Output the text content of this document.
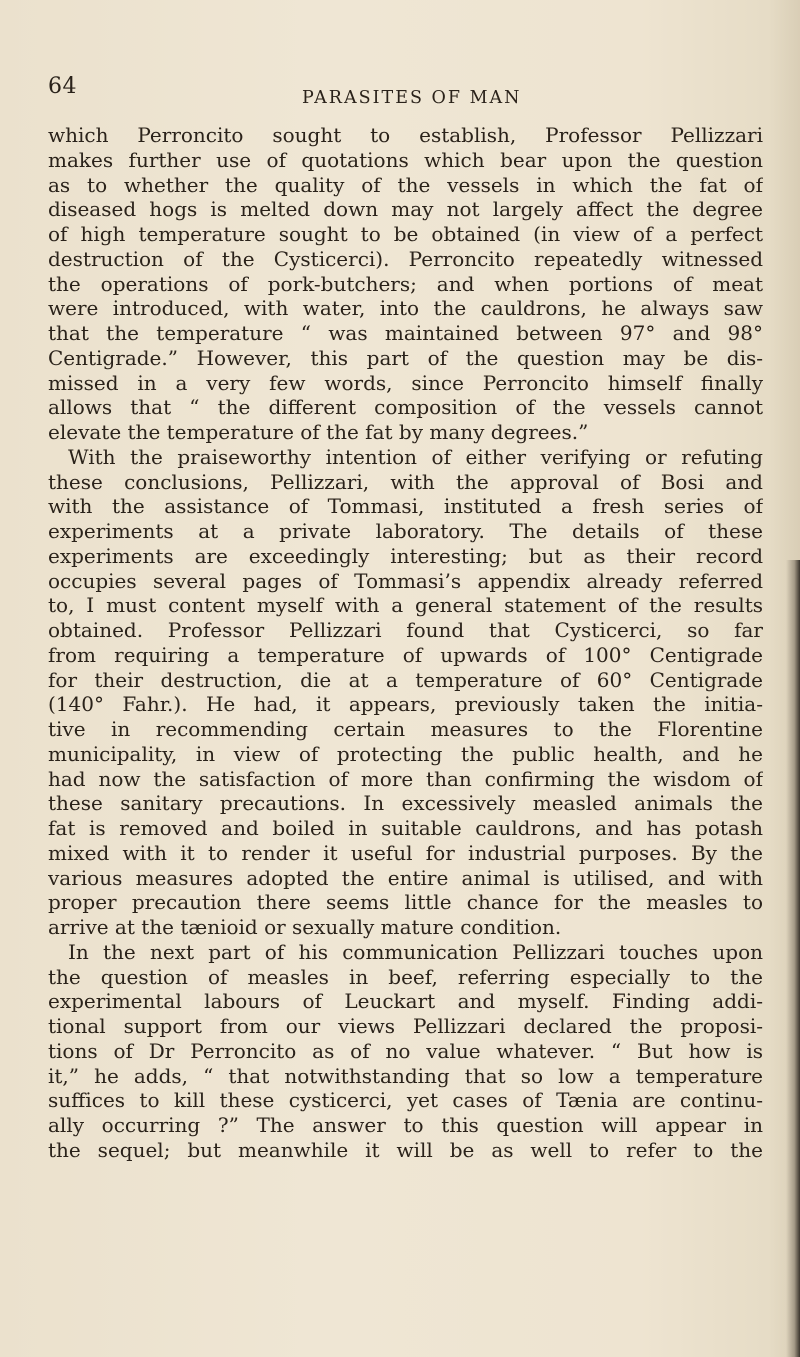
64	PARASITES OF MAN
which Perroncito sought to establish, Professor Pellizzari
makes further use of quotations which bear upon the question
as to whether the quality of the vessels in which the fat of
diseased hogs is melted down may not largely affect the degree
of high temperature sought to be obtained (in view of a perfect
destruction of the Cysticerci). Perroncito repeatedly witnessed
the operations of pork-butchers; and when portions of meat
were introduced, with water, into the cauldrons, he always saw
that the temperature “ was maintained between 97° and 98°
Centigrade.” However, this part of the question may be dis-
missed in a very few words, since Perroncito himself finally
allows that “ the different composition of the vessels cannot
elevate the temperature of the fat by many degrees.”
With the praiseworthy intention of either verifying or refuting
these conclusions, Pellizzari, with the approval of Bosi and
with the assistance of Tommasi, instituted a fresh series of
experiments at a private laboratory. The details of these
experiments are exceedingly interesting; but as their record
occupies several pages of Tommasi’s appendix already referred
to, I must content myself with a general statement of the results
obtained. Professor Pellizzari found that Cysticerci, so far
from requiring a temperature of upwards of 100° Centigrade
for their destruction, die at a temperature of 60° Centigrade
(140° Fahr.). He had, it appears, previously taken the initia-
tive in recommending certain measures to the Florentine
municipality, in view of protecting the public health, and he
had now the satisfaction of more than confirming the wisdom of
these sanitary precautions. In excessively measled animals the
fat is removed and boiled in suitable cauldrons, and has potash
mixed with it to render it useful for industrial purposes. By the
various measures adopted the entire animal is utilised, and with
proper precaution there seems little chance for the measles to
arrive at the tænioid or sexually mature condition.
In the next part of his communication Pellizzari touches upon
the question of measles in beef, referring especially to the
experimental labours of Leuckart and myself. Finding addi-
tional support from our views Pellizzari declared the proposi-
tions of Dr Perroncito as of no value whatever. “ But how is
it,” he adds, “ that notwithstanding that so low a temperature
suffices to kill these cysticerci, yet cases of Tænia are continu-
ally occurring ?” The answer to this question will appear in
the sequel; but meanwhile it will be as well to refer to the
